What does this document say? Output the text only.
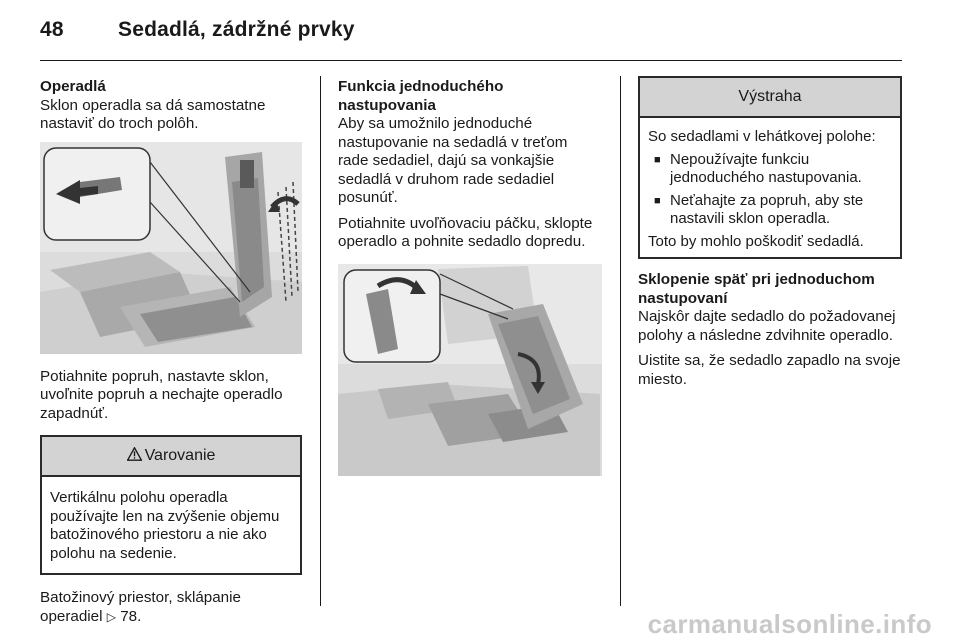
48	Sedadlá, zádržné prvky

Operadlá

Sklon operadla sa dá samostatne nastaviť do troch polôh.

Potiahnite popruh, nastavte sklon, uvoľnite popruh a nechajte operadlo zapadnúť.

Varovanie

Vertikálnu polohu operadla používajte len na zvýšenie objemu batožinového priestoru a nie ako polohu na sedenie.

Batožinový priestor, sklápanie operadiel ▷ 78.

Funkcia jednoduchého nastupovania

Aby sa umožnilo jednoduché nastupovanie na sedadlá v treťom rade sedadiel, dajú sa vonkajšie sedadlá v druhom rade sedadiel posunúť.

Potiahnite uvoľňovaciu páčku, sklopte operadlo a pohnite sedadlo dopredu.

Výstraha

So sedadlami v lehátkovej polohe:

■ Nepoužívajte funkciu jednoduchého nastupovania.
■ Neťahajte za popruh, aby ste nastavili sklon operadla.

Toto by mohlo poškodiť sedadlá.

Sklopenie späť pri jednoduchom nastupovaní

Najskôr dajte sedadlo do požadovanej polohy a následne zdvihnite operadlo.

Uistite sa, že sedadlo zapadlo na svoje miesto.

carmanualsonline.info
